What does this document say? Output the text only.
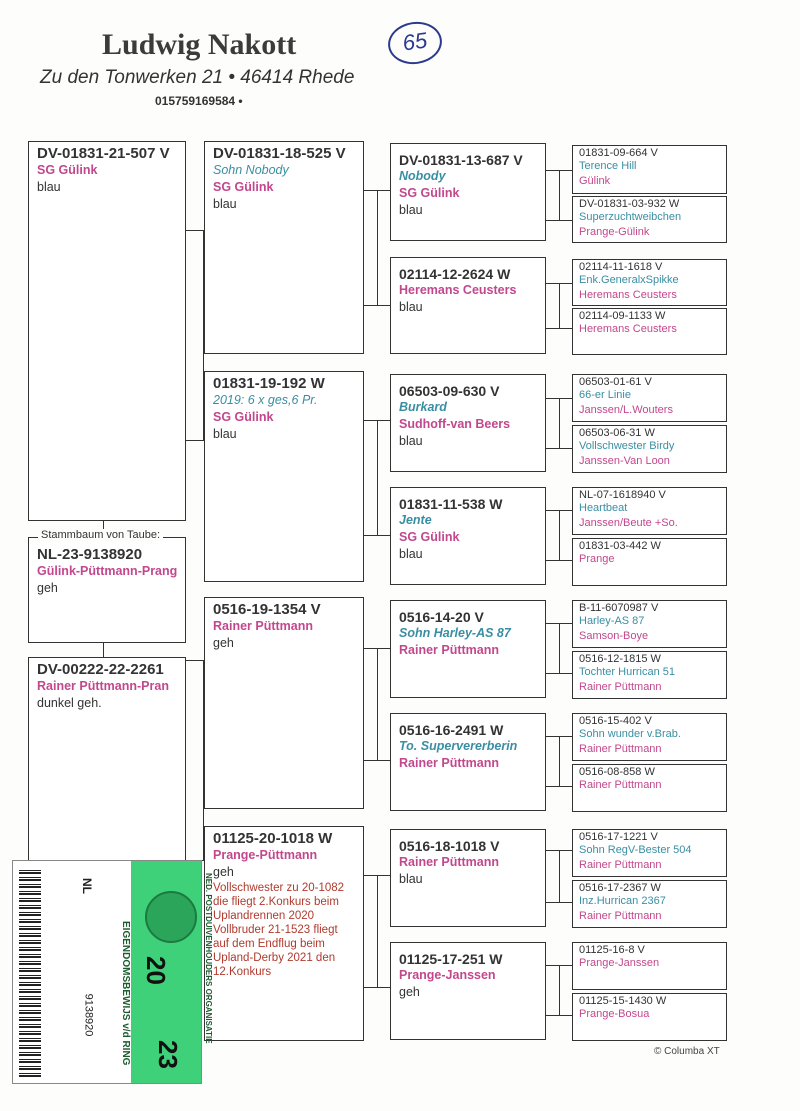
Ludwig Nakott
Zu den Tonwerken 21 • 46414 Rhede
015759169584 •
65
DV-01831-21-507 V
SG Gülink
blau
NL-23-9138920
Gülink-Püttmann-Prang
geh
Stammbaum von Taube:
DV-00222-22-2261
Rainer Püttmann-Pran
dunkel geh.
DV-01831-18-525 V
Sohn Nobody
SG Gülink
blau
01831-19-192 W
2019: 6 x ges,6 Pr.
SG Gülink
blau
0516-19-1354 V
Rainer Püttmann
geh
01125-20-1018 W
Prange-Püttmann
geh
Vollschwester zu 20-1082 die fliegt 2.Konkurs beim Uplandrennen 2020 Vollbruder 21-1523 fliegt auf dem Endflug beim Upland-Derby 2021 den 12.Konkurs
DV-01831-13-687 V
Nobody
SG Gülink
blau
02114-12-2624 W
Heremans Ceusters
blau
06503-09-630 V
Burkard
Sudhoff-van Beers
blau
01831-11-538 W
Jente
SG Gülink
blau
0516-14-20 V
Sohn Harley-AS 87
Rainer Püttmann
0516-16-2491 W
To. Supervererberin
Rainer Püttmann
0516-18-1018 V
Rainer Püttmann
blau
01125-17-251 W
Prange-Janssen
geh
01831-09-664 V
Terence Hill
Gülink
DV-01831-03-932 W
Superzuchtweibchen
Prange-Gülink
02114-11-1618 V
Enk.GeneralxSpikke
Heremans Ceusters
02114-09-1133 W
Heremans Ceusters
06503-01-61 V
66-er Linie
Janssen/L.Wouters
06503-06-31 W
Vollschwester Birdy
Janssen-Van Loon
NL-07-1618940 V
Heartbeat
Janssen/Beute +So.
01831-03-442 W
Prange
B-11-6070987 V
Harley-AS 87
Samson-Boye
0516-12-1815 W
Tochter Hurrican 51
Rainer Püttmann
0516-15-402 V
Sohn wunder v.Brab.
Rainer Püttmann
0516-08-858 W
Rainer Püttmann
0516-17-1221 V
Sohn RegV-Bester 504
Rainer Püttmann
0516-17-2367 W
Inz.Hurrican 2367
Rainer Püttmann
01125-16-8 V
Prange-Janssen
01125-15-1430 W
Prange-Bosua
20
23
EIGENDOMSBEWIJS v/d RING	NED. POSTDUIVENHOUDERS ORGANISATIE
NL
9138920
© Columba XT
